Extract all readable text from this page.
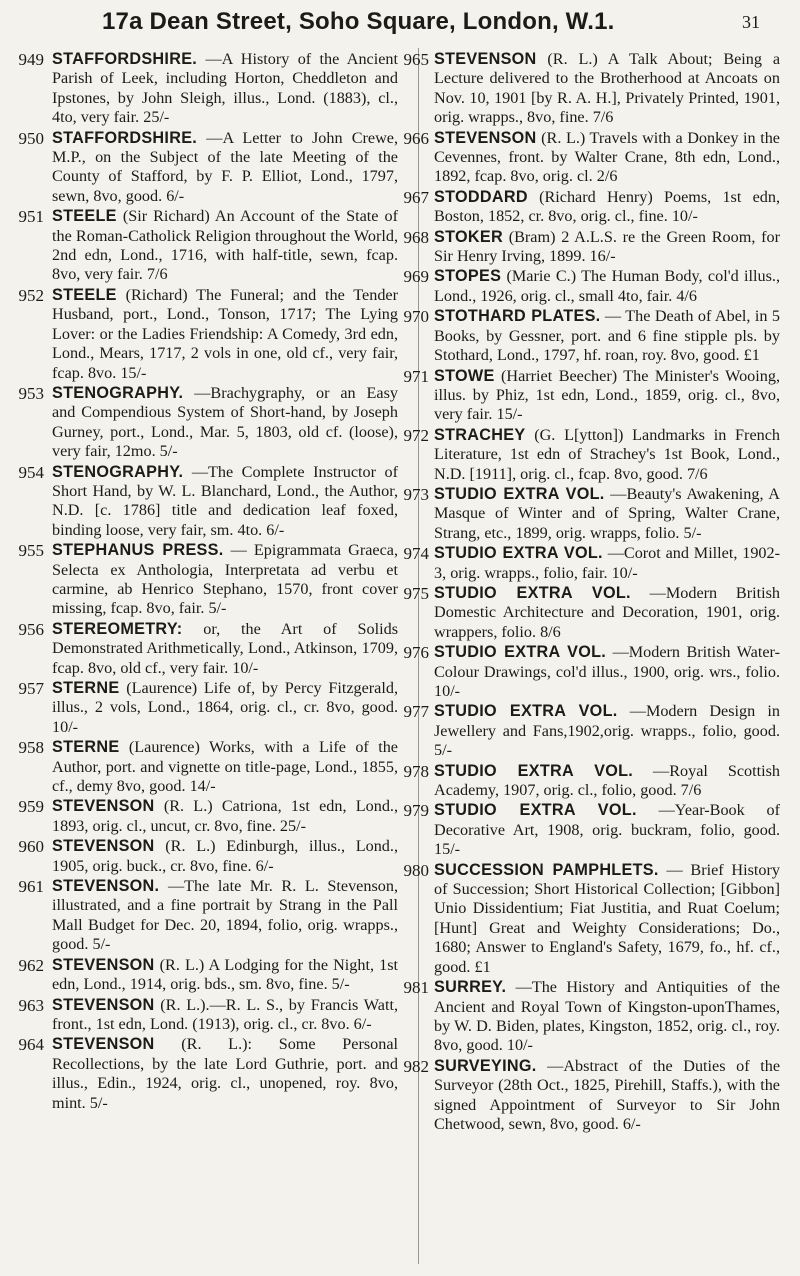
17a Dean Street, Soho Square, London, W.1.	31
949 STAFFORDSHIRE. —A History of the Ancient Parish of Leek, including Horton, Cheddleton and Ipstones, by John Sleigh, illus., Lond. (1883), cl., 4to, very fair. 25/-
950 STAFFORDSHIRE. —A Letter to John Crewe, M.P., on the Subject of the late Meeting of the County of Stafford, by F. P. Elliot, Lond., 1797, sewn, 8vo, good. 6/-
951 STEELE (Sir Richard) An Account of the State of the Roman-Catholick Religion throughout the World, 2nd edn, Lond., 1716, with half-title, sewn, fcap. 8vo, very fair. 7/6
952 STEELE (Richard) The Funeral; and the Tender Husband, port., Lond., Tonson, 1717; The Lying Lover: or the Ladies Friendship: A Comedy, 3rd edn, Lond., Mears, 1717, 2 vols in one, old cf., very fair, fcap. 8vo. 15/-
953 STENOGRAPHY. —Brachygraphy, or an Easy and Compendious System of Short-hand, by Joseph Gurney, port., Lond., Mar. 5, 1803, old cf. (loose), very fair, 12mo. 5/-
954 STENOGRAPHY. —The Complete Instructor of Short Hand, by W. L. Blanchard, Lond., the Author, N.D. [c. 1786] title and dedication leaf foxed, binding loose, very fair, sm. 4to. 6/-
955 STEPHANUS PRESS. — Epigrammata Graeca, Selecta ex Anthologia, Interpretata ad verbu et carmine, ab Henrico Stephano, 1570, front cover missing, fcap. 8vo, fair. 5/-
956 STEREOMETRY: or, the Art of Solids Demonstrated Arithmetically, Lond., Atkinson, 1709, fcap. 8vo, old cf., very fair. 10/-
957 STERNE (Laurence) Life of, by Percy Fitzgerald, illus., 2 vols, Lond., 1864, orig. cl., cr. 8vo, good. 10/-
958 STERNE (Laurence) Works, with a Life of the Author, port. and vignette on title-page, Lond., 1855, cf., demy 8vo, good. 14/-
959 STEVENSON (R. L.) Catriona, 1st edn, Lond., 1893, orig. cl., uncut, cr. 8vo, fine. 25/-
960 STEVENSON (R. L.) Edinburgh, illus., Lond., 1905, orig. buck., cr. 8vo, fine. 6/-
961 STEVENSON. —The late Mr. R. L. Stevenson, illustrated, and a fine portrait by Strang in the Pall Mall Budget for Dec. 20, 1894, folio, orig. wrapps., good. 5/-
962 STEVENSON (R. L.) A Lodging for the Night, 1st edn, Lond., 1914, orig. bds., sm. 8vo, fine. 5/-
963 STEVENSON (R. L.).—R. L. S., by Francis Watt, front., 1st edn, Lond. (1913), orig. cl., cr. 8vo. 6/-
964 STEVENSON (R. L.): Some Personal Recollections, by the late Lord Guthrie, port. and illus., Edin., 1924, orig. cl., unopened, roy. 8vo, mint. 5/-
965 STEVENSON (R. L.) A Talk About; Being a Lecture delivered to the Brotherhood at Ancoats on Nov. 10, 1901 [by R. A. H.], Privately Printed, 1901, orig. wrapps., 8vo, fine. 7/6
966 STEVENSON (R. L.) Travels with a Donkey in the Cevennes, front. by Walter Crane, 8th edn, Lond., 1892, fcap. 8vo, orig. cl. 2/6
967 STODDARD (Richard Henry) Poems, 1st edn, Boston, 1852, cr. 8vo, orig. cl., fine. 10/-
968 STOKER (Bram) 2 A.L.S. re the Green Room, for Sir Henry Irving, 1899. 16/-
969 STOPES (Marie C.) The Human Body, col'd illus., Lond., 1926, orig. cl., small 4to, fair. 4/6
970 STOTHARD PLATES. — The Death of Abel, in 5 Books, by Gessner, port. and 6 fine stipple pls. by Stothard, Lond., 1797, hf. roan, roy. 8vo, good. £1
971 STOWE (Harriet Beecher) The Minister's Wooing, illus. by Phiz, 1st edn, Lond., 1859, orig. cl., 8vo, very fair. 15/-
972 STRACHEY (G. L[ytton]) Landmarks in French Literature, 1st edn of Strachey's 1st Book, Lond., N.D. [1911], orig. cl., fcap. 8vo, good. 7/6
973 STUDIO EXTRA VOL. —Beauty's Awakening, A Masque of Winter and of Spring, Walter Crane, Strang, etc., 1899, orig. wrapps, folio. 5/-
974 STUDIO EXTRA VOL. —Corot and Millet, 1902-3, orig. wrapps., folio, fair. 10/-
975 STUDIO EXTRA VOL. —Modern British Domestic Architecture and Decoration, 1901, orig. wrappers, folio. 8/6
976 STUDIO EXTRA VOL. —Modern British Water-Colour Drawings, col'd illus., 1900, orig. wrs., folio. 10/-
977 STUDIO EXTRA VOL. —Modern Design in Jewellery and Fans,1902,orig. wrapps., folio, good. 5/-
978 STUDIO EXTRA VOL. —Royal Scottish Academy, 1907, orig. cl., folio, good. 7/6
979 STUDIO EXTRA VOL. —Year-Book of Decorative Art, 1908, orig. buckram, folio, good. 15/-
980 SUCCESSION PAMPHLETS. — Brief History of Succession; Short Historical Collection; [Gibbon] Unio Dissidentium; Fiat Justitia, and Ruat Coelum; [Hunt] Great and Weighty Considerations; Do., 1680; Answer to England's Safety, 1679, fo., hf. cf., good. £1
981 SURREY. —The History and Antiquities of the Ancient and Royal Town of Kingston-uponThames, by W. D. Biden, plates, Kingston, 1852, orig. cl., roy. 8vo, good. 10/-
982 SURVEYING. —Abstract of the Duties of the Surveyor (28th Oct., 1825, Pirehill, Staffs.), with the signed Appointment of Surveyor to Sir John Chetwood, sewn, 8vo, good. 6/-
